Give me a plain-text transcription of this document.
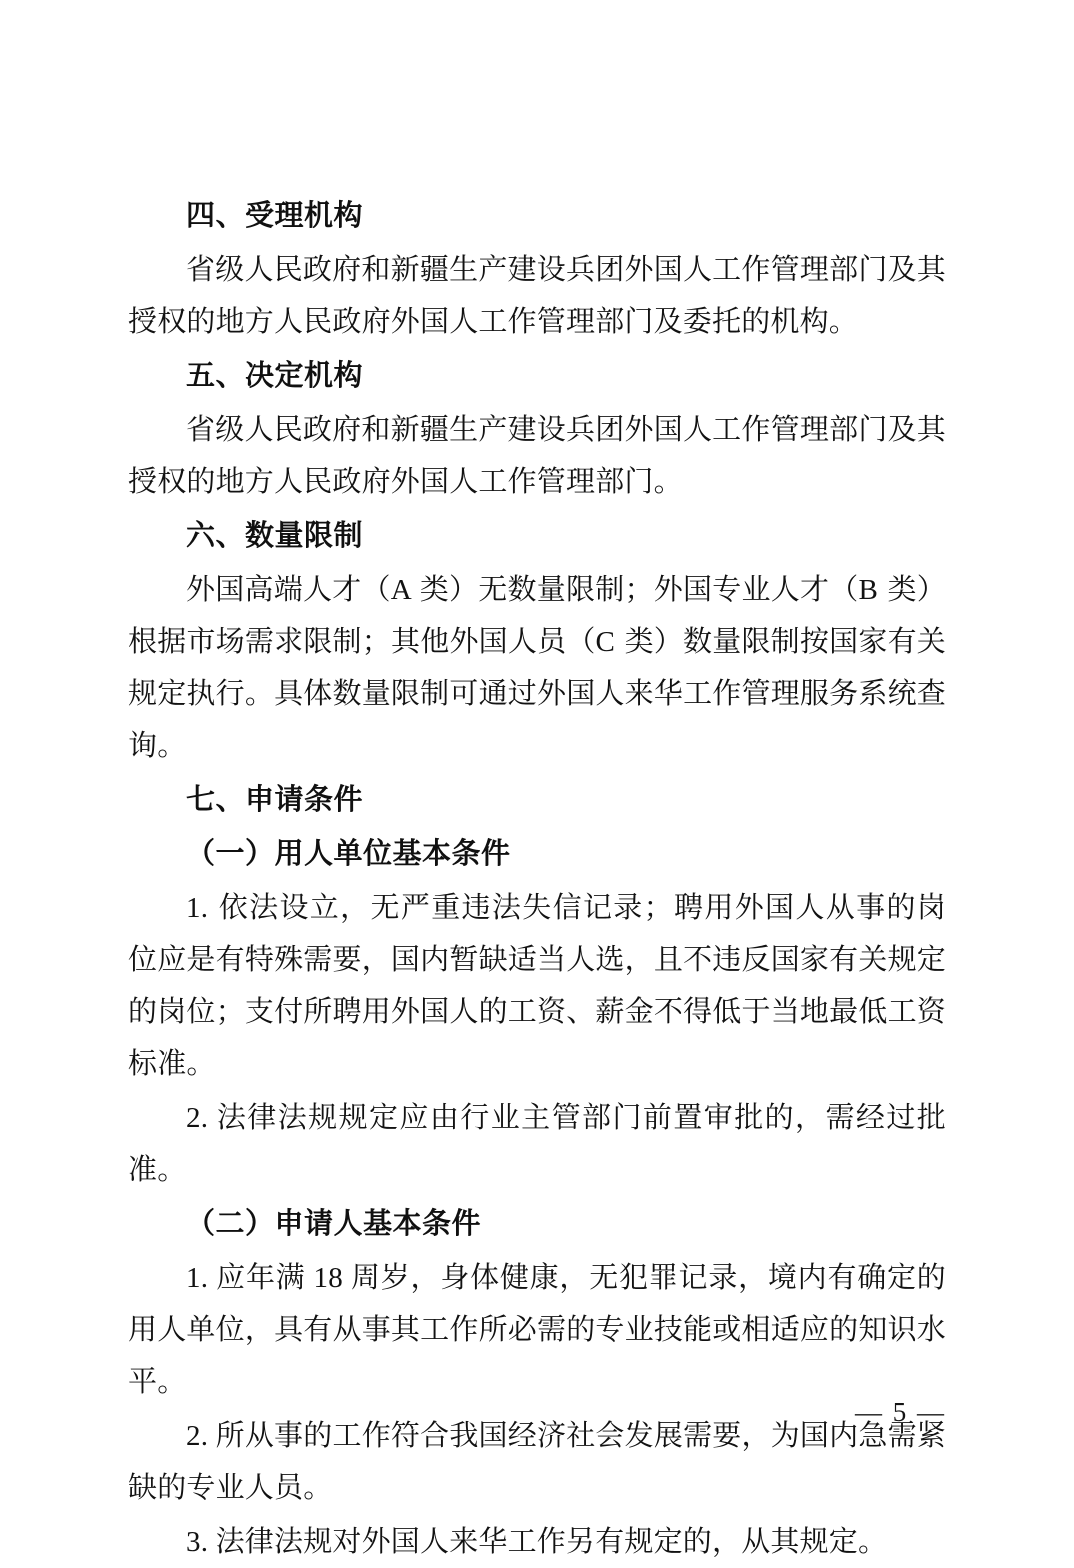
四、受理机构

省级人民政府和新疆生产建设兵团外国人工作管理部门及其授权的地方人民政府外国人工作管理部门及委托的机构。

五、决定机构

省级人民政府和新疆生产建设兵团外国人工作管理部门及其授权的地方人民政府外国人工作管理部门。

六、数量限制

外国高端人才（A 类）无数量限制；外国专业人才（B 类）根据市场需求限制；其他外国人员（C 类）数量限制按国家有关规定执行。具体数量限制可通过外国人来华工作管理服务系统查询。

七、申请条件
（一）用人单位基本条件

1. 依法设立，无严重违法失信记录；聘用外国人从事的岗位应是有特殊需要，国内暂缺适当人选，且不违反国家有关规定的岗位；支付所聘用外国人的工资、薪金不得低于当地最低工资标准。

2. 法律法规规定应由行业主管部门前置审批的，需经过批准。

（二）申请人基本条件

1. 应年满 18 周岁，身体健康，无犯罪记录，境内有确定的用人单位，具有从事其工作所必需的专业技能或相适应的知识水平。

2. 所从事的工作符合我国经济社会发展需要，为国内急需紧缺的专业人员。

3. 法律法规对外国人来华工作另有规定的，从其规定。

— 5 —
